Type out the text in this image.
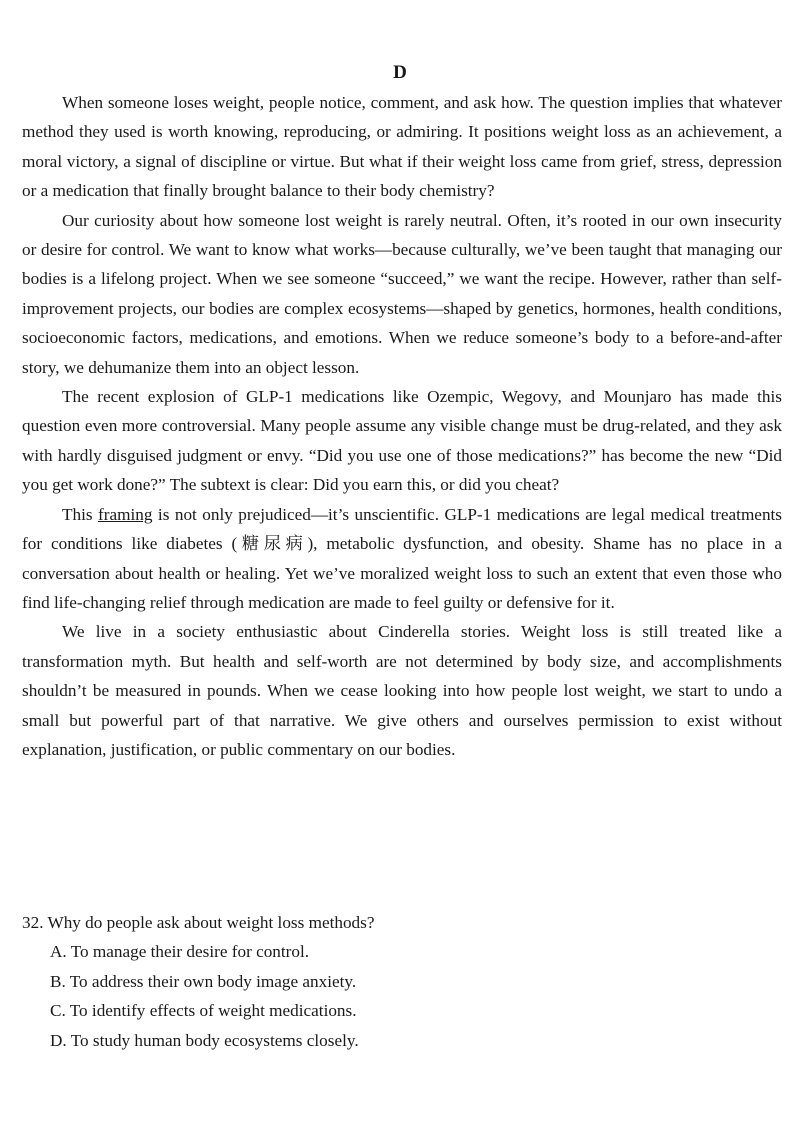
D

When someone loses weight, people notice, comment, and ask how. The question implies that whatever method they used is worth knowing, reproducing, or admiring. It positions weight loss as an achievement, a moral victory, a signal of discipline or virtue. But what if their weight loss came from grief, stress, depression or a medication that finally brought balance to their body chemistry?

Our curiosity about how someone lost weight is rarely neutral. Often, it’s rooted in our own insecurity or desire for control. We want to know what works—because culturally, we’ve been taught that managing our bodies is a lifelong project. When we see someone “succeed,” we want the recipe. However, rather than self-improvement projects, our bodies are complex ecosystems—shaped by genetics, hormones, health conditions, socioeconomic factors, medications, and emotions. When we reduce someone’s body to a before-and-after story, we dehumanize them into an object lesson.

The recent explosion of GLP-1 medications like Ozempic, Wegovy, and Mounjaro has made this question even more controversial. Many people assume any visible change must be drug-related, and they ask with hardly disguised judgment or envy. “Did you use one of those medications?” has become the new “Did you get work done?” The subtext is clear: Did you earn this, or did you cheat?

This framing is not only prejudiced—it’s unscientific. GLP-1 medications are legal medical treatments for conditions like diabetes (糖尿病), metabolic dysfunction, and obesity. Shame has no place in a conversation about health or healing. Yet we’ve moralized weight loss to such an extent that even those who find life-changing relief through medication are made to feel guilty or defensive for it.

We live in a society enthusiastic about Cinderella stories. Weight loss is still treated like a transformation myth. But health and self-worth are not determined by body size, and accomplishments shouldn’t be measured in pounds. When we cease looking into how people lost weight, we start to undo a small but powerful part of that narrative. We give others and ourselves permission to exist without explanation, justification, or public commentary on our bodies.

32. Why do people ask about weight loss methods?

A. To manage their desire for control.
B. To address their own body image anxiety.
C. To identify effects of weight medications.
D. To study human body ecosystems closely.
